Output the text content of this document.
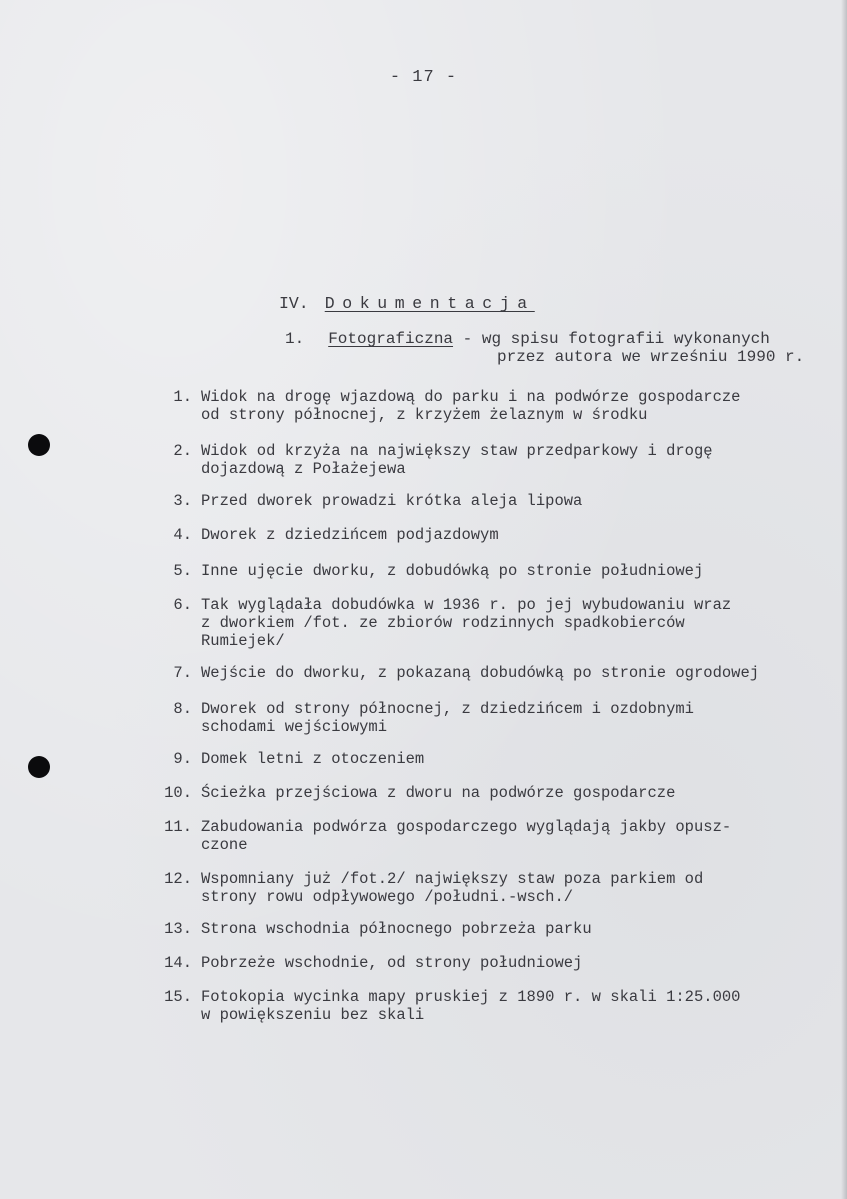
- 17 -
IV. Dokumentacja
1. Fotograficzna - wg spisu fotografii wykonanych
przez autora we wrześniu 1990 r.
1. Widok na drogę wjazdową do parku i na podwórze gospodarcze
od strony północnej, z krzyżem żelaznym w środku
2. Widok od krzyża na największy staw przedparkowy i drogę
dojazdową z Połażejewa
3. Przed dworek prowadzi krótka aleja lipowa
4. Dworek z dziedzińcem podjazdowym
5. Inne ujęcie dworku, z dobudówką po stronie południowej
6. Tak wyglądała dobudówka w 1936 r. po jej wybudowaniu wraz
z dworkiem /fot. ze zbiorów rodzinnych spadkobierców
Rumiejek/
7. Wejście do dworku, z pokazaną dobudówką po stronie ogrodowej
8. Dworek od strony północnej, z dziedzińcem i ozdobnymi
schodami wejściowymi
9. Domek letni z otoczeniem
10. Ścieżka przejściowa z dworu na podwórze gospodarcze
11. Zabudowania podwórza gospodarczego wyglądają jakby opusz-
czone
12. Wspomniany już /fot.2/ największy staw poza parkiem od
strony rowu odpływowego /południ.-wsch./
13. Strona wschodnia północnego pobrzeża parku
14. Pobrzeże wschodnie, od strony południowej
15. Fotokopia wycinka mapy pruskiej z 1890 r. w skali 1:25.000
w powiększeniu bez skali
